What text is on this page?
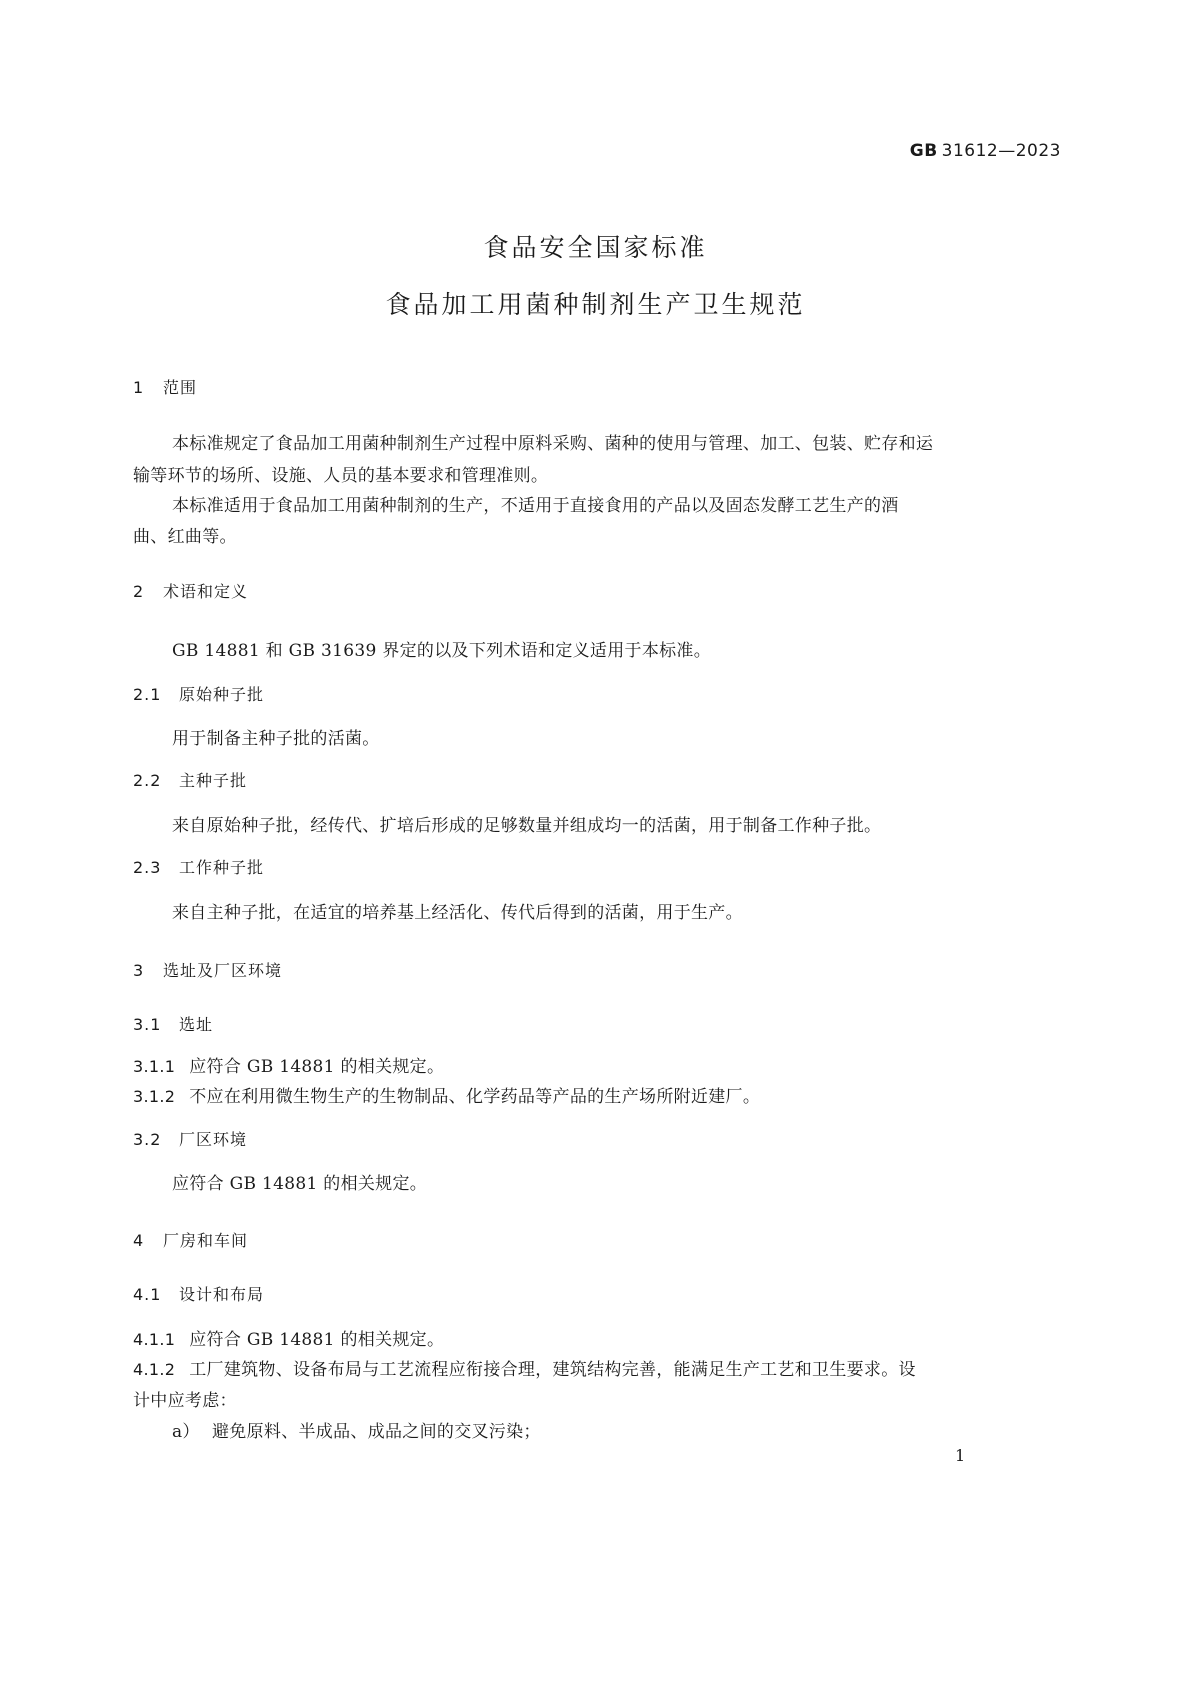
GB 31612—2023
食品安全国家标准
食品加工用菌种制剂生产卫生规范
1 范围
本标准规定了食品加工用菌种制剂生产过程中原料采购、菌种的使用与管理、加工、包装、贮存和运
输等环节的场所、设施、人员的基本要求和管理准则。
本标准适用于食品加工用菌种制剂的生产，不适用于直接食用的产品以及固态发酵工艺生产的酒
曲、红曲等。
2 术语和定义
GB 14881 和 GB 31639 界定的以及下列术语和定义适用于本标准。
2.1 原始种子批
用于制备主种子批的活菌。
2.2 主种子批
来自原始种子批，经传代、扩培后形成的足够数量并组成均一的活菌，用于制备工作种子批。
2.3 工作种子批
来自主种子批，在适宜的培养基上经活化、传代后得到的活菌，用于生产。
3 选址及厂区环境
3.1 选址
3.1.1 应符合 GB 14881 的相关规定。
3.1.2 不应在利用微生物生产的生物制品、化学药品等产品的生产场所附近建厂。
3.2 厂区环境
应符合 GB 14881 的相关规定。
4 厂房和车间
4.1 设计和布局
4.1.1 应符合 GB 14881 的相关规定。
4.1.2 工厂建筑物、设备布局与工艺流程应衔接合理，建筑结构完善，能满足生产工艺和卫生要求。设
计中应考虑：
a） 避免原料、半成品、成品之间的交叉污染；
1
